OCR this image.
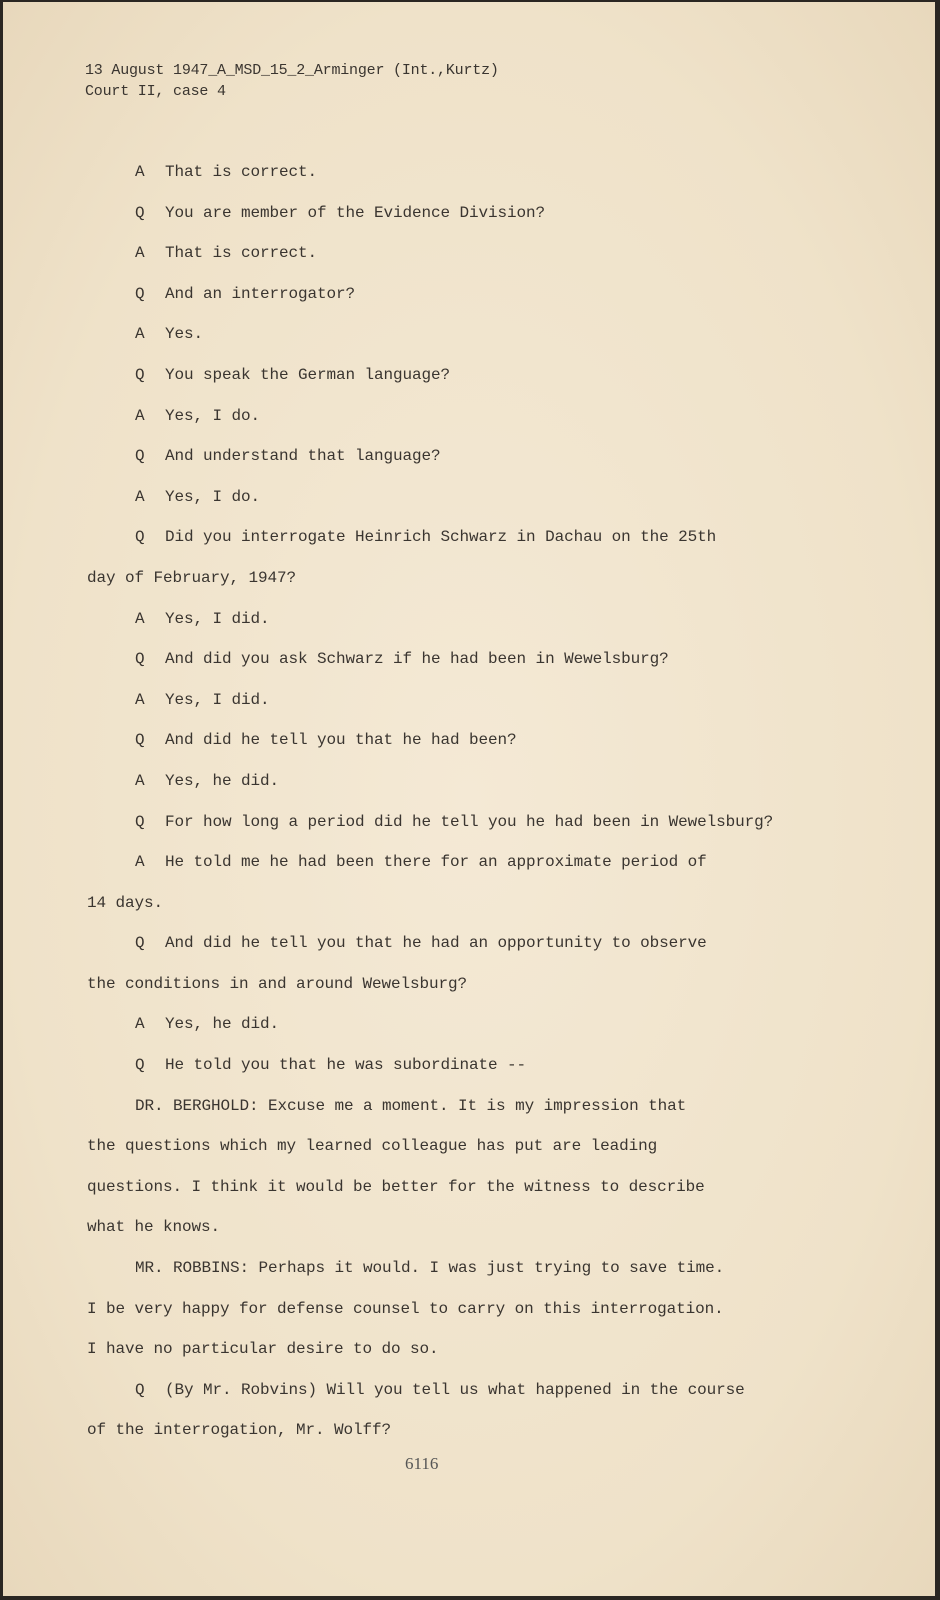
13 August 1947_A_MSD_15_2_Arminger (Int.,Kurtz)
Court II, case 4
A That is correct.
Q You are member of the Evidence Division?
A That is correct.
Q And an interrogator?
A Yes.
Q You speak the German language?
A Yes, I do.
Q And understand that language?
A Yes, I do.
Q Did you interrogate Heinrich Schwarz in Dachau on the 25th
day of February, 1947?
A Yes, I did.
Q And did you ask Schwarz if he had been in Wewelsburg?
A Yes, I did.
Q And did he tell you that he had been?
A Yes, he did.
Q For how long a period did he tell you he had been in Wewelsburg?
A He told me he had been there for an approximate period of
14 days.
Q And did he tell you that he had an opportunity to observe
the conditions in and around Wewelsburg?
A Yes, he did.
Q He told you that he was subordinate --
DR. BERGHOLD: Excuse me a moment. It is my impression that
the questions which my learned colleague has put are leading
questions. I think it would be better for the witness to describe
what he knows.
MR. ROBBINS: Perhaps it would. I was just trying to save time.
I be very happy for defense counsel to carry on this interrogation.
I have no particular desire to do so.
Q (By Mr. Robvins) Will you tell us what happened in the course
of the interrogation, Mr. Wolff?
6116
